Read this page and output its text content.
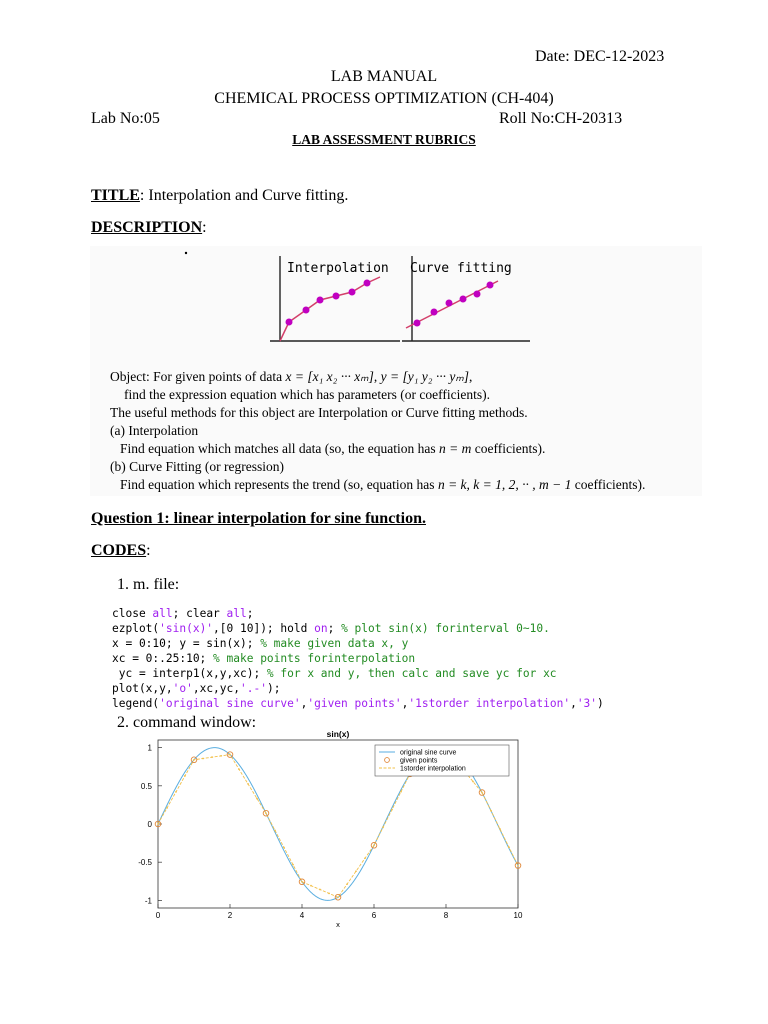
Date: DEC-12-2023
LAB MANUAL
CHEMICAL PROCESS OPTIMIZATION (CH-404)
Lab No:05	Roll No:CH-20313
LAB ASSESSMENT RUBRICS
TITLE: Interpolation and Curve fitting.
DESCRIPTION:
Interpolation Curve fitting
Object: For given points of data x = [x₁ x₂ ··· xₘ], y = [y₁ y₂ ··· yₘ],
find the expression equation which has parameters (or coefficients).
The useful methods for this object are Interpolation or Curve fitting methods.
(a) Interpolation
Find equation which matches all data (so, the equation has n = m coefficients).
(b) Curve Fitting (or regression)
Find equation which represents the trend (so, equation has n = k, k = 1, 2, ·· , m − 1 coefficients).
Question 1: linear interpolation for sine function.
CODES:
1. m. file:
close all; clear all;
ezplot('sin(x)',[0 10]); hold on; % plot sin(x) forinterval 0~10.
x = 0:10; y = sin(x); % make given data x, y
xc = 0:.25:10; % make points forinterpolation
yc = interp1(x,y,xc); % for x and y, then calc and save yc for xc
plot(x,y,'o',xc,yc,'.-');
legend('original sine curve','given points','1storder interpolation','3')
2. command window:
sin(x)
0	2	4	6	8	10
x
1
0.5
0
-0.5
-1
original sine curve
given points
1storder interpolation
